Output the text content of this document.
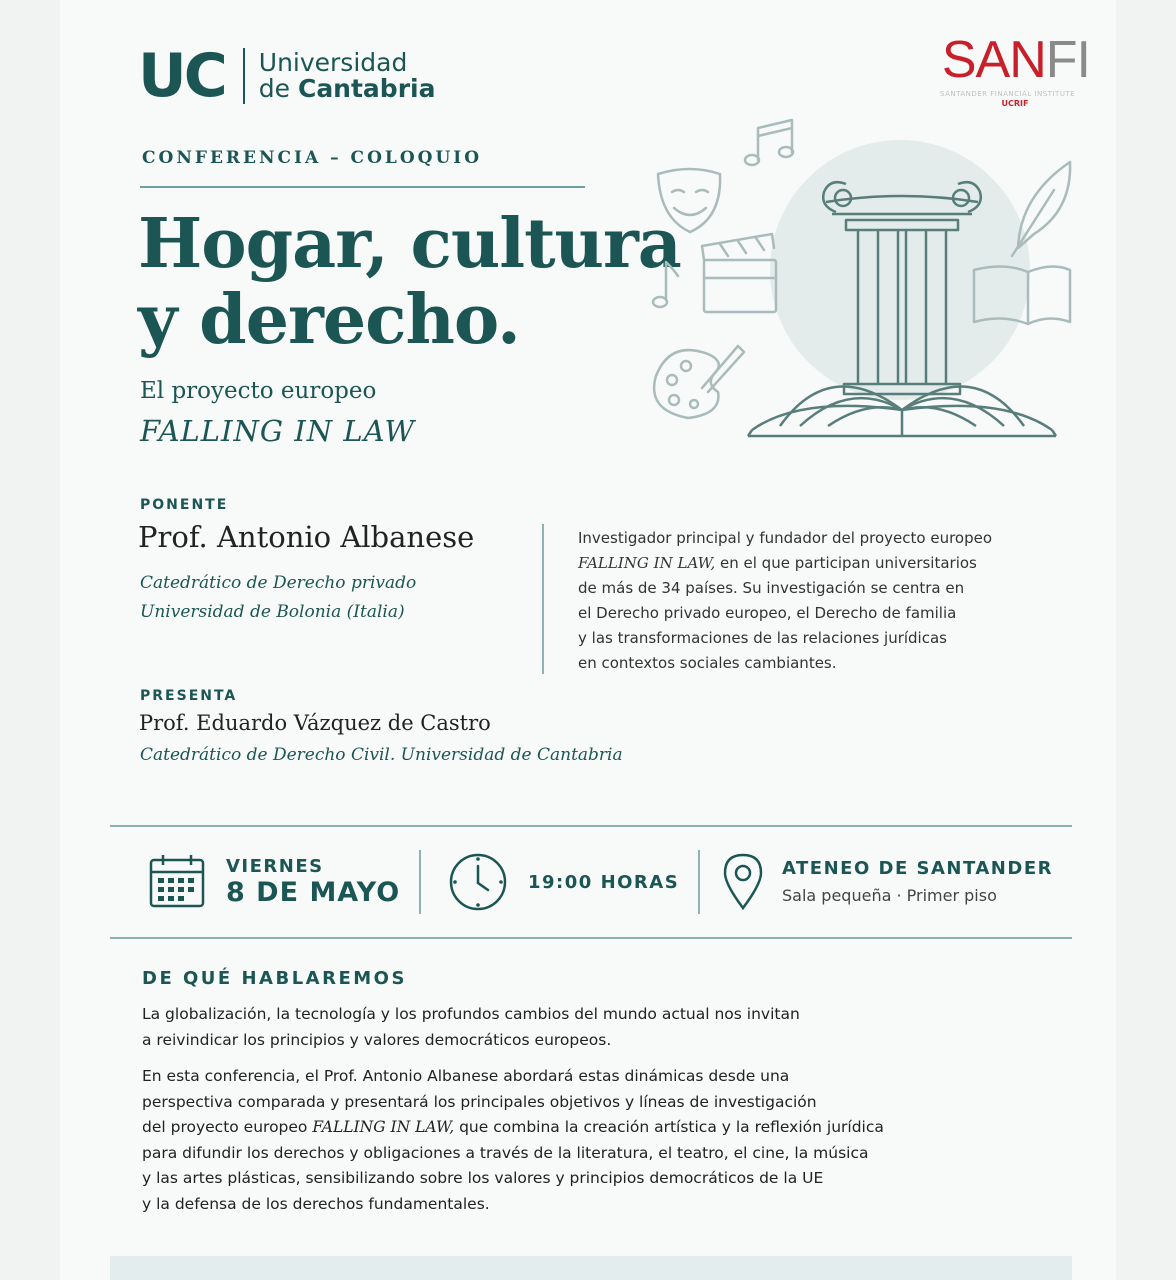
UC Universidad
de Cantabria	SANFI
SANTANDER FINANCIAL INSTITUTE
UCRIF
CONFERENCIA – COLOQUIO
Hogar, cultura
y derecho.
El proyecto europeo
FALLING IN LAW
PONENTE
Prof. Antonio Albanese
Catedrático de Derecho privado
Universidad de Bolonia (Italia)
Investigador principal y fundador del proyecto europeo
FALLING IN LAW, en el que participan universitarios
de más de 34 países. Su investigación se centra en
el Derecho privado europeo, el Derecho de familia
y las transformaciones de las relaciones jurídicas
en contextos sociales cambiantes.
PRESENTA
Prof. Eduardo Vázquez de Castro
Catedrático de Derecho Civil. Universidad de Cantabria
VIERNES
8 DE MAYO	19:00 HORAS
ATENEO DE SANTANDER
Sala pequeña · Primer piso
DE QUÉ HABLAREMOS
La globalización, la tecnología y los profundos cambios del mundo actual nos invitan
a reivindicar los principios y valores democráticos europeos.
En esta conferencia, el Prof. Antonio Albanese abordará estas dinámicas desde una
perspectiva comparada y presentará los principales objetivos y líneas de investigación
del proyecto europeo FALLING IN LAW, que combina la creación artística y la reflexión jurídica
para difundir los derechos y obligaciones a través de la literatura, el teatro, el cine, la música
y las artes plásticas, sensibilizando sobre los valores y principios democráticos de la UE
y la defensa de los derechos fundamentales.
